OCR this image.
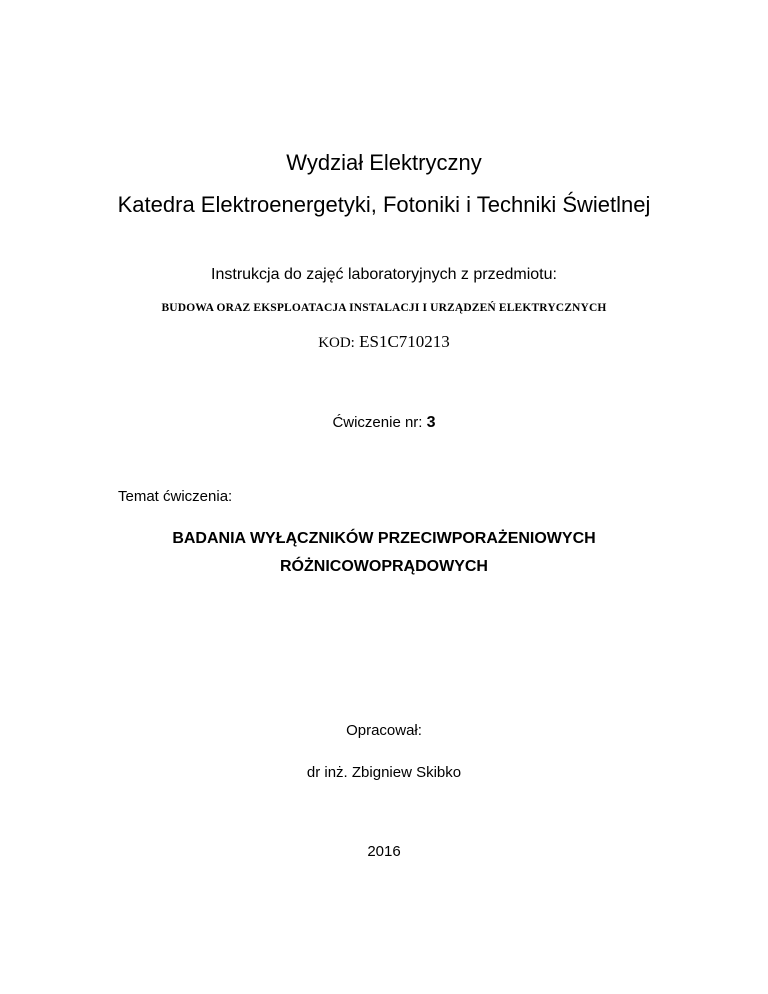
Wydział Elektryczny
Katedra Elektroenergetyki, Fotoniki i Techniki Świetlnej
Instrukcja do zajęć laboratoryjnych z przedmiotu:
BUDOWA ORAZ EKSPLOATACJA INSTALACJI I URZĄDZEŃ ELEKTRYCZNYCH
KOD: ES1C710213
Ćwiczenie nr: 3
Temat ćwiczenia:
BADANIA WYŁĄCZNIKÓW PRZECIWPORAŻENIOWYCH
RÓŻNICOWOPRĄDOWYCH
Opracował:
dr inż. Zbigniew Skibko
2016
